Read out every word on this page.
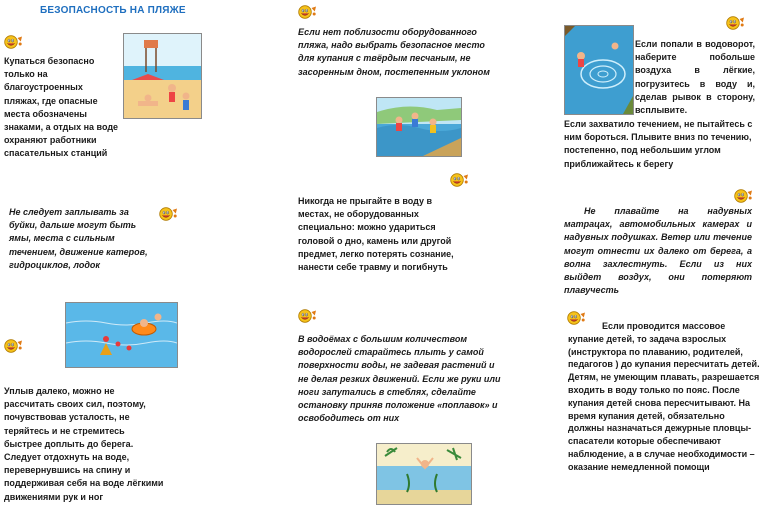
БЕЗОПАСНОСТЬ НА ПЛЯЖЕ
Купаться безопасно только на благоустроенных пляжах, где опасные места обозначены знаками, а отдых на воде охраняют работники спасательных станций
Не следует заплывать за буйки, дальше могут быть ямы, места с сильным течением, движение катеров, гидроциклов, лодок
Уплыв далеко, можно не рассчитать своих сил, поэтому, почувствовав усталость, не теряйтесь и не стремитесь быстрее доплыть до берега. Следует отдохнуть на воде, перевернувшись на спину и поддерживая себя на воде лёгкими движениями рук и ног
Если нет поблизости оборудованного пляжа, надо выбрать безопасное место для купания с твёрдым песчаным, не засоренным дном, постепенным уклоном
Никогда не прыгайте в воду в местах, не оборудованных специально: можно удариться головой о дно, камень или другой предмет, легко потерять сознание, нанести себе травму и погибнуть
В водоёмах с большим количеством водорослей старайтесь плыть у самой поверхности воды, не задевая растений и не делая резких движений. Если же руки или ноги запутались в стеблях, сделайте остановку приняв положение «поплавок» и освободитесь от них
Если попали в водоворот, наберите побольше воздуха в лёгкие, погрузитесь в воду и, сделав рывок в сторону, всплывите.
Если захватило течением, не пытайтесь с ним бороться. Плывите вниз по течению, постепенно, под небольшим углом приближайтесь к берегу
Не плавайте на надувных матрацах, автомобильных камерах и надувных подушках. Ветер или течение могут отнести их далеко от берега, а волна захлестнуть. Если из них выйдет воздух, они потеряют плавучесть
Если проводится массовое купание детей, то задача взрослых (инструктора по плаванию, родителей, педагогов ) до купания пересчитать детей. Детям, не умеющим плавать, разрешается входить в воду только по пояс. После купания детей снова пересчитывают. На время купания детей, обязательно должны назначаться дежурные пловцы-спасатели которые обеспечивают наблюдение, а в случае необходимости – оказание немедленной помощи
